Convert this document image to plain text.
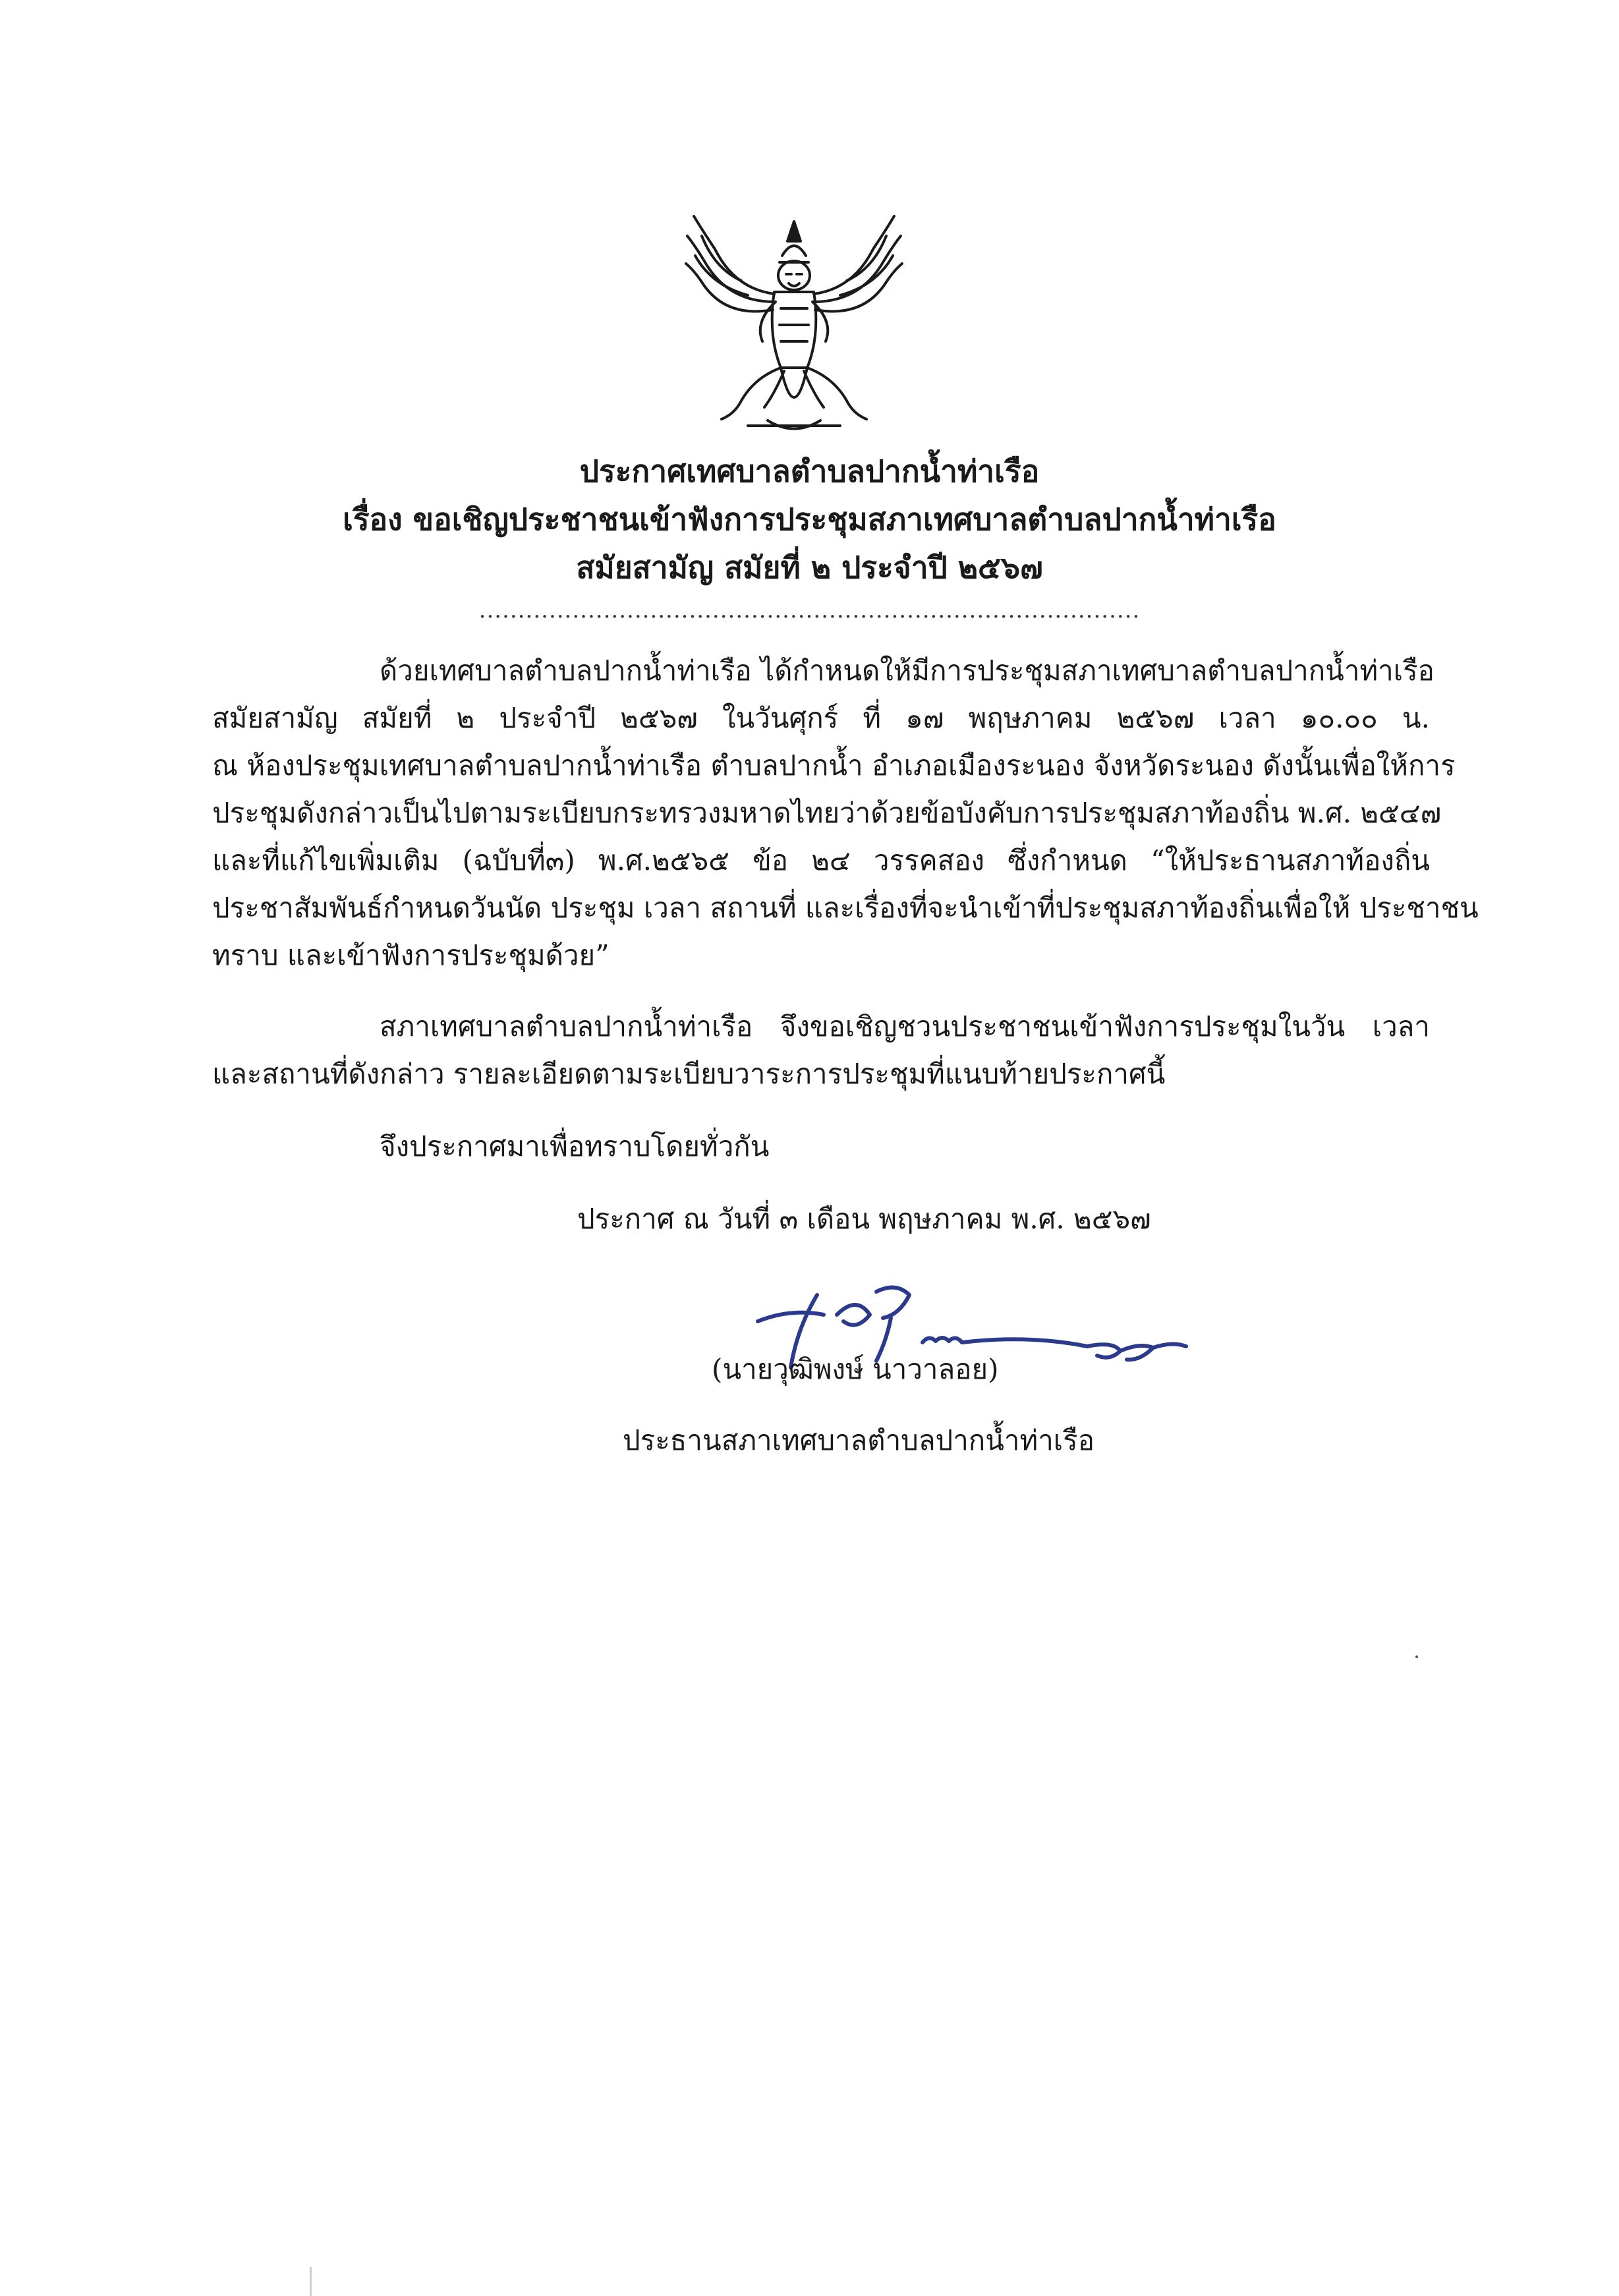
ประกาศเทศบาลตำบลปากน้ำท่าเรือ
เรื่อง ขอเชิญประชาชนเข้าฟังการประชุมสภาเทศบาลตำบลปากน้ำท่าเรือ
สมัยสามัญ สมัยที่ ๒ ประจำปี ๒๕๖๗
.....................................................................................
ด้วยเทศบาลตำบลปากน้ำท่าเรือ ได้กำหนดให้มีการประชุมสภาเทศบาลตำบลปากน้ำท่าเรือ
สมัยสามัญ สมัยที่ ๒ ประจำปี ๒๕๖๗ ในวันศุกร์ ที่ ๑๗ พฤษภาคม ๒๕๖๗ เวลา ๑๐.๐๐ น.
ณ ห้องประชุมเทศบาลตำบลปากน้ำท่าเรือ ตำบลปากน้ำ อำเภอเมืองระนอง จังหวัดระนอง ดังนั้นเพื่อให้การ
ประชุมดังกล่าวเป็นไปตามระเบียบกระทรวงมหาดไทยว่าด้วยข้อบังคับการประชุมสภาท้องถิ่น พ.ศ. ๒๕๔๗
และที่แก้ไขเพิ่มเติม (ฉบับที่๓) พ.ศ.๒๕๖๕ ข้อ ๒๔ วรรคสอง ซึ่งกำหนด “ให้ประธานสภาท้องถิ่น
ประชาสัมพันธ์กำหนดวันนัด ประชุม เวลา สถานที่ และเรื่องที่จะนำเข้าที่ประชุมสภาท้องถิ่นเพื่อให้ ประชาชน
ทราบ และเข้าฟังการประชุมด้วย”
สภาเทศบาลตำบลปากน้ำท่าเรือ จึงขอเชิญชวนประชาชนเข้าฟังการประชุมในวัน เวลา
และสถานที่ดังกล่าว รายละเอียดตามระเบียบวาระการประชุมที่แนบท้ายประกาศนี้
จึงประกาศมาเพื่อทราบโดยทั่วกัน
ประกาศ ณ วันที่ ๓ เดือน พฤษภาคม พ.ศ. ๒๕๖๗
(นายวุฒิพงษ์ นาวาลอย)
ประธานสภาเทศบาลตำบลปากน้ำท่าเรือ
